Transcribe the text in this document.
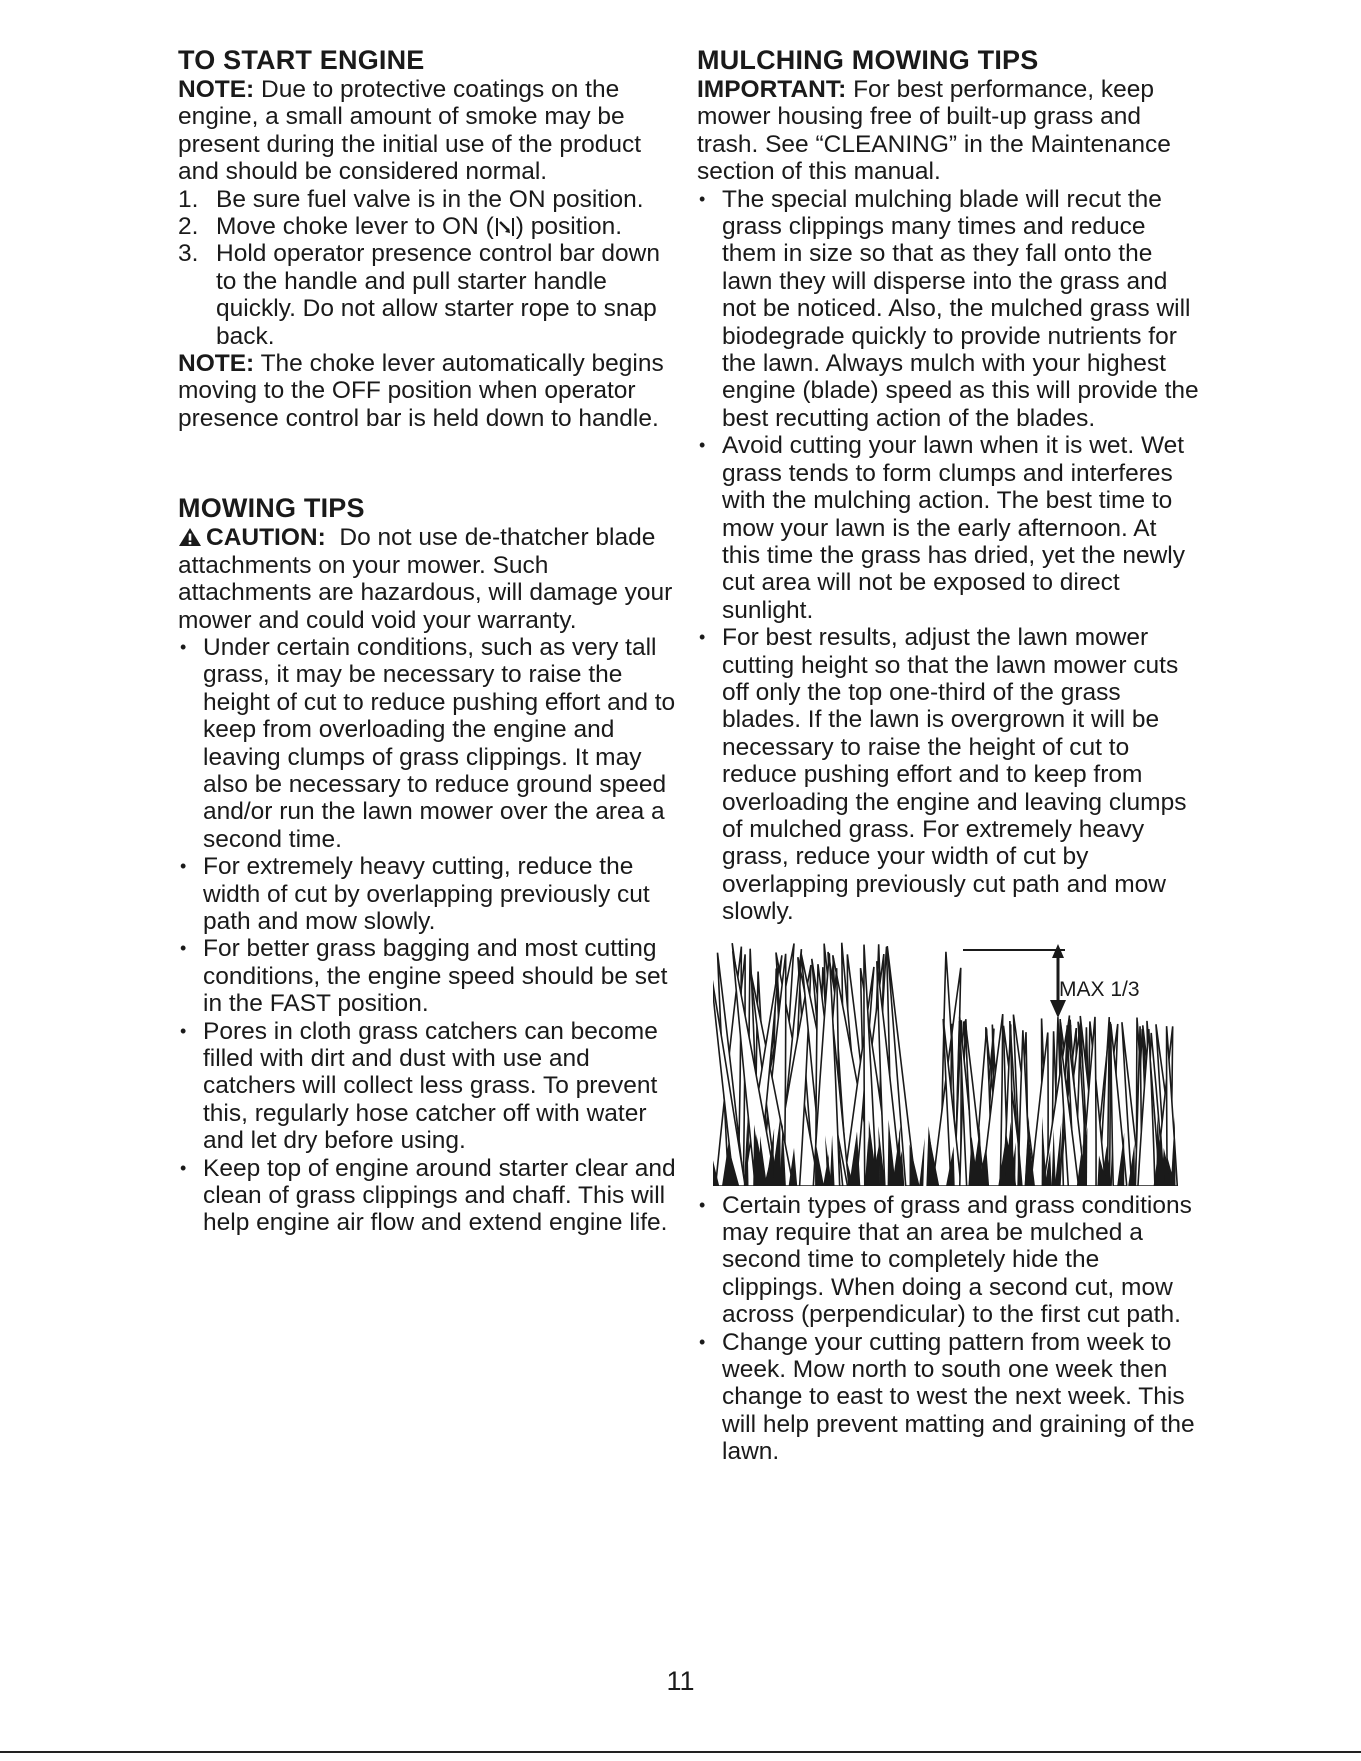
TO START ENGINE

NOTE: Due to protective coatings on the engine, a small amount of smoke may be present during the initial use of the product and should be considered normal.

1. Be sure fuel valve is in the ON position.
2. Move choke lever to ON ( ) position.
3. Hold operator presence control bar down to the handle and pull starter handle quickly. Do not allow starter rope to snap back.

NOTE: The choke lever automatically begins moving to the OFF position when operator presence control bar is held down to handle.

MOWING TIPS

CAUTION: Do not use de-thatcher blade attachments on your mower. Such attachments are hazardous, will damage your mower and could void your warranty.

• Under certain conditions, such as very tall grass, it may be necessary to raise the height of cut to reduce pushing effort and to keep from overloading the engine and leaving clumps of grass clippings. It may also be necessary to reduce ground speed and/or run the lawn mower over the area a second time.
• For extremely heavy cutting, reduce the width of cut by overlapping previously cut path and mow slowly.
• For better grass bagging and most cutting conditions, the engine speed should be set in the FAST position.
• Pores in cloth grass catchers can become filled with dirt and dust with use and catchers will collect less grass. To prevent this, regularly hose catcher off with water and let dry before using.
• Keep top of engine around starter clear and clean of grass clippings and chaff. This will help engine air flow and extend engine life.
MULCHING MOWING TIPS

IMPORTANT: For best performance, keep mower housing free of built-up grass and trash. See “CLEANING” in the Maintenance section of this manual.

• The special mulching blade will recut the grass clippings many times and reduce them in size so that as they fall onto the lawn they will disperse into the grass and not be noticed. Also, the mulched grass will biodegrade quickly to provide nutrients for the lawn. Always mulch with your highest engine (blade) speed as this will provide the best recutting action of the blades.
• Avoid cutting your lawn when it is wet. Wet grass tends to form clumps and interferes with the mulching action. The best time to mow your lawn is the early afternoon. At this time the grass has dried, yet the newly cut area will not be exposed to direct sunlight.
• For best results, adjust the lawn mower cutting height so that the lawn mower cuts off only the top one-third of the grass blades. If the lawn is overgrown it will be necessary to raise the height of cut to reduce pushing effort and to keep from overloading the engine and leaving clumps of mulched grass. For extremely heavy grass, reduce your width of cut by overlapping previously cut path and mow slowly.
MAX 1/3
• Certain types of grass and grass conditions may require that an area be mulched a second time to completely hide the clippings. When doing a second cut, mow across (perpendicular) to the first cut path.
• Change your cutting pattern from week to week. Mow north to south one week then change to east to west the next week. This will help prevent matting and graining of the lawn.
11
